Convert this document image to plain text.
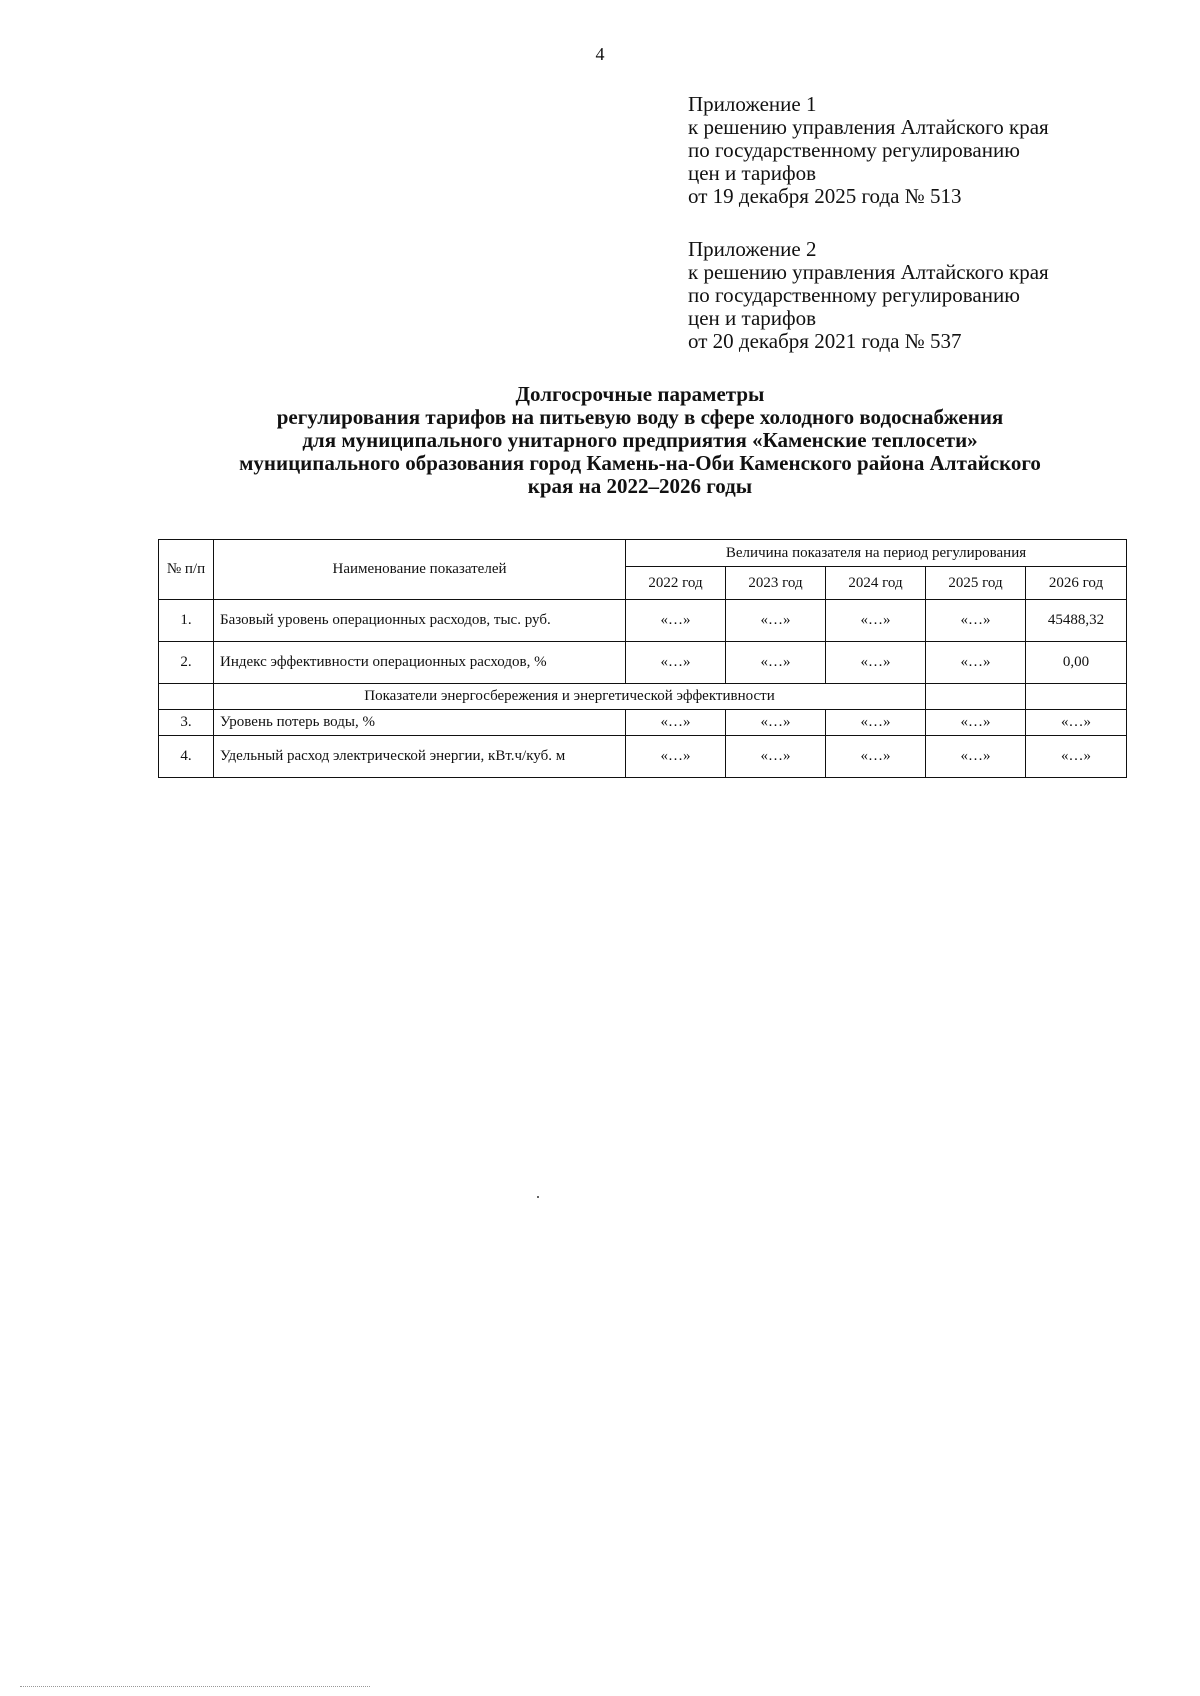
4
Приложение 1
к решению управления Алтайского края
по государственному регулированию
цен и тарифов
от 19 декабря 2025 года № 513
Приложение 2
к решению управления Алтайского края
по государственному регулированию
цен и тарифов
от 20 декабря 2021 года № 537
Долгосрочные параметры
регулирования тарифов на питьевую воду в сфере холодного водоснабжения
для муниципального унитарного предприятия «Каменские теплосети»
муниципального образования город Камень-на-Оби Каменского района Алтайского
края на 2022–2026 годы
№ п/п	Наименование показателей	Величина показателя на период регулирования				
		2022 год	2023 год	2024 год	2025 год	2026 год
1.	Базовый уровень операционных расходов, тыс. руб.	«…»	«…»	«…»	«…»	45488,32
2.	Индекс эффективности операционных расходов, %	«…»	«…»	«…»	«…»	0,00
	Показатели энергосбережения и энергетической эффективности					
3.	Уровень потерь воды, %	«…»	«…»	«…»	«…»	«…»
4.	Удельный расход электрической энергии, кВт.ч/куб. м	«…»	«…»	«…»	«…»	«…»
